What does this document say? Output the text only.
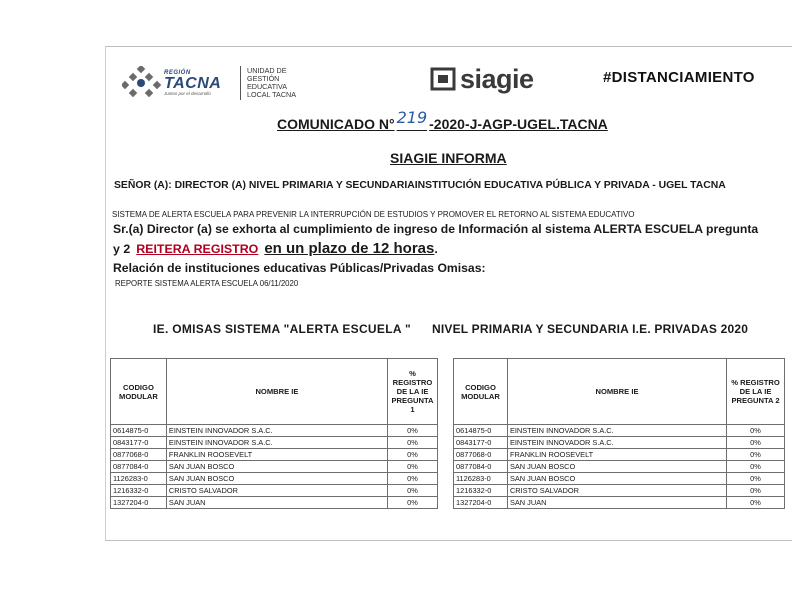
REGIÓN
TACNA
Juntos por el desarrollo
UNIDAD DE
GESTIÓN
EDUCATIVA
LOCAL TACNA
siagie	#DISTANCIAMIENTO
COMUNICADO N° 219 -2020-J-AGP-UGEL.TACNA
SIAGIE INFORMA
SEÑOR (A): DIRECTOR (A) NIVEL PRIMARIA Y SECUNDARIAINSTITUCIÓN EDUCATIVA PÚBLICA Y PRIVADA - UGEL TACNA
SISTEMA DE ALERTA ESCUELA PARA PREVENIR LA INTERRUPCIÓN DE ESTUDIOS Y PROMOVER EL RETORNO AL SISTEMA EDUCATIVO
Sr.(a) Director (a) se exhorta al cumplimiento de ingreso de Información al sistema ALERTA ESCUELA pregunta
y 2 REITERA REGISTRO en un plazo de 12 horas.
Relación de instituciones educativas Públicas/Privadas Omisas:
REPORTE SISTEMA ALERTA ESCUELA 06/11/2020
IE. OMISAS SISTEMA "ALERTA ESCUELA " NIVEL PRIMARIA Y SECUNDARIA I.E. PRIVADAS 2020
CODIGO MODULAR	NOMBRE IE	% REGISTRO DE LA IE PREGUNTA 1
0614875-0	EINSTEIN INNOVADOR S.A.C.	0%
0843177-0	EINSTEIN INNOVADOR S.A.C.	0%
0877068-0	FRANKLIN ROOSEVELT	0%
0877084-0	SAN JUAN BOSCO	0%
1126283-0	SAN JUAN BOSCO	0%
1216332-0	CRISTO SALVADOR	0%
1327204-0	SAN JUAN	0%
CODIGO MODULAR	NOMBRE IE	% REGISTRO DE LA IE PREGUNTA 2
0614875-0	EINSTEIN INNOVADOR S.A.C.	0%
0843177-0	EINSTEIN INNOVADOR S.A.C.	0%
0877068-0	FRANKLIN ROOSEVELT	0%
0877084-0	SAN JUAN BOSCO	0%
1126283-0	SAN JUAN BOSCO	0%
1216332-0	CRISTO SALVADOR	0%
1327204-0	SAN JUAN	0%
